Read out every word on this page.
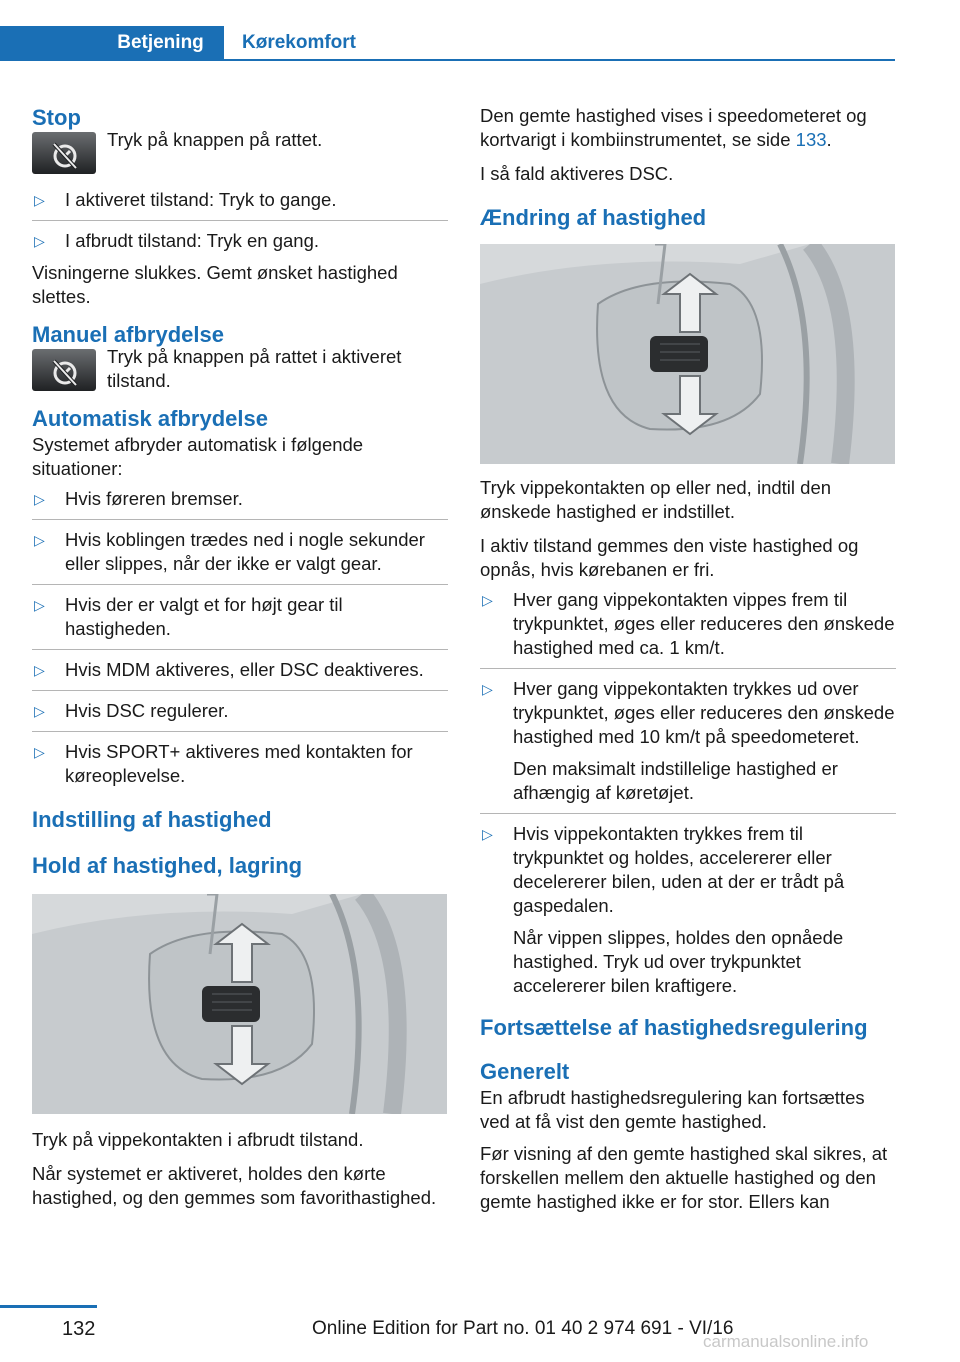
Betjening	Kørekomfort
Stop

Tryk på knappen på rattet.

▷ I aktiveret tilstand: Tryk to gange.
▷ I afbrudt tilstand: Tryk en gang.

Visningerne slukkes. Gemt ønsket hastighed slettes.

Manuel afbrydelse

Tryk på knappen på rattet i aktiveret tilstand.

Automatisk afbrydelse

Systemet afbryder automatisk i følgende situationer:

▷ Hvis føreren bremser.
▷ Hvis koblingen trædes ned i nogle sekunder eller slippes, når der ikke er valgt gear.
▷ Hvis der er valgt et for højt gear til hastigheden.
▷ Hvis MDM aktiveres, eller DSC deaktiveres.
▷ Hvis DSC regulerer.
▷ Hvis SPORT+ aktiveres med kontakten for køreoplevelse.
Indstilling af hastighed
Hold af hastighed, lagring

Tryk på vippekontakten i afbrudt tilstand.

Når systemet er aktiveret, holdes den kørte hastighed, og den gemmes som favorithastighed.

Den gemte hastighed vises i speedometeret og kortvarigt i kombiinstrumentet, se side 133.

I så fald aktiveres DSC.

Ændring af hastighed

Tryk vippekontakten op eller ned, indtil den ønskede hastighed er indstillet.

I aktiv tilstand gemmes den viste hastighed og opnås, hvis kørebanen er fri.

▷ Hver gang vippekontakten vippes frem til trykpunktet, øges eller reduceres den ønskede hastighed med ca. 1 km/t.
▷ Hver gang vippekontakten trykkes ud over trykpunktet, øges eller reduceres den ønskede hastighed med 10 km/t på speedometeret.

Den maksimalt indstillelige hastighed er afhængig af køretøjet.

▷ Hvis vippekontakten trykkes frem til trykpunktet og holdes, accelererer eller decelererer bilen, uden at der er trådt på gaspedalen.

Når vippen slippes, holdes den opnåede hastighed. Tryk ud over trykpunktet accelererer bilen kraftigere.

Fortsættelse af hastighedsregulering
Generelt

En afbrudt hastighedsregulering kan fortsættes ved at få vist den gemte hastighed.

Før visning af den gemte hastighed skal sikres, at forskellen mellem den aktuelle hastighed og den gemte hastighed ikke er for stor. Ellers kan

132	Online Edition for Part no. 01 40 2 974 691 - VI/16
carmanualsonline.info
